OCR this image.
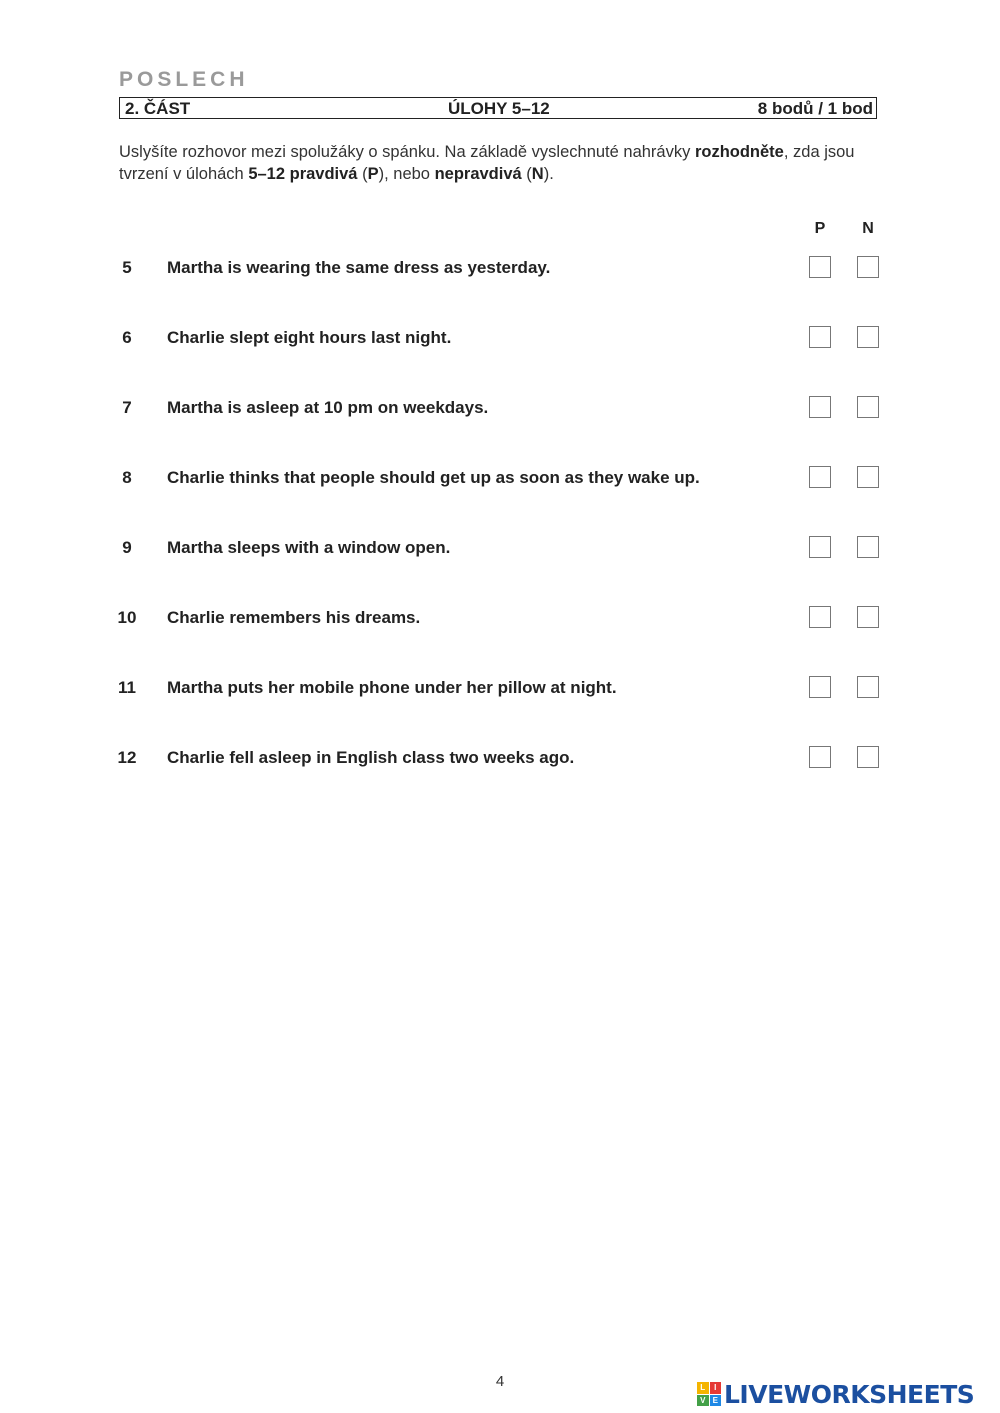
POSLECH
2. ČÁST	ÚLOHY 5–12	8 bodů / 1 bod
Uslyšíte rozhovor mezi spolužáky o spánku. Na základě vyslechnuté nahrávky rozhodněte, zda jsou tvrzení v úlohách 5–12 pravdivá (P), nebo nepravdivá (N).
P	N
5	Martha is wearing the same dress as yesterday.
6	Charlie slept eight hours last night.
7	Martha is asleep at 10 pm on weekdays.
8	Charlie thinks that people should get up as soon as they wake up.
9	Martha sleeps with a window open.
10	Charlie remembers his dreams.
11	Martha puts her mobile phone under her pillow at night.
12	Charlie fell asleep in English class two weeks ago.
4	L	I
V E LIVEWORKSHEETS
